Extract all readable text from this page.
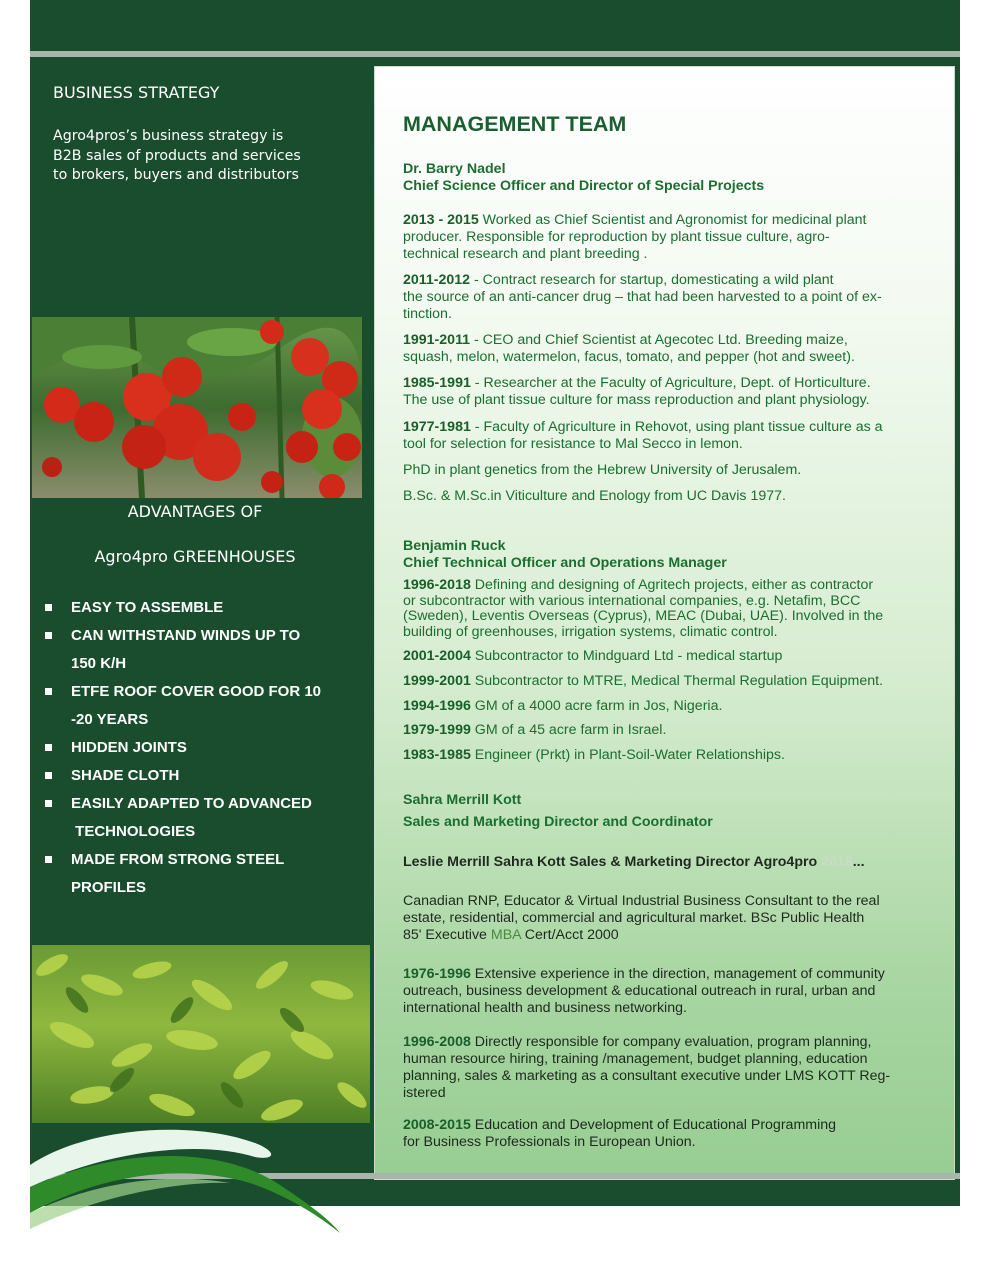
BUSINESS STRATEGY

Agro4pros’s business strategy is
B2B sales of products and services
to brokers, buyers and distributors

ADVANTAGES OF

Agro4pro GREENHOUSES

EASY TO ASSEMBLE
CAN WITHSTAND WINDS UP TO
150 K/H
ETFE ROOF COVER GOOD FOR 10
-20 YEARS
HIDDEN JOINTS
SHADE CLOTH
EASILY ADAPTED TO ADVANCED
TECHNOLOGIES
MADE FROM STRONG STEEL
PROFILES
MANAGEMENT TEAM

Dr. Barry Nadel
Chief Science Officer and Director of Special Projects

2013 - 2015 Worked as Chief Scientist and Agronomist for medicinal plant
producer. Responsible for reproduction by plant tissue culture, agro-
technical research and plant breeding .

2011-2012 - Contract research for startup, domesticating a wild plant
the source of an anti-cancer drug – that had been harvested to a point of ex-
tinction.

1991-2011 - CEO and Chief Scientist at Agecotec Ltd. Breeding maize,
squash, melon, watermelon, facus, tomato, and pepper (hot and sweet).

1985-1991 - Researcher at the Faculty of Agriculture, Dept. of Horticulture.
The use of plant tissue culture for mass reproduction and plant physiology.

1977-1981 - Faculty of Agriculture in Rehovot, using plant tissue culture as a
tool for selection for resistance to Mal Secco in lemon.

PhD in plant genetics from the Hebrew University of Jerusalem.

B.Sc. & M.Sc.in Viticulture and Enology from UC Davis 1977.

Benjamin Ruck
Chief Technical Officer and Operations Manager

1996-2018 Defining and designing of Agritech projects, either as contractor
or subcontractor with various international companies, e.g. Netafim, BCC
(Sweden), Leventis Overseas (Cyprus), MEAC (Dubai, UAE). Involved in the
building of greenhouses, irrigation systems, climatic control.

2001-2004 Subcontractor to Mindguard Ltd - medical startup

1999-2001 Subcontractor to MTRE, Medical Thermal Regulation Equipment.

1994-1996 GM of a 4000 acre farm in Jos, Nigeria.

1979-1999 GM of a 45 acre farm in Israel.

1983-1985 Engineer (Prkt) in Plant-Soil-Water Relationships.

Sahra Merrill Kott
Sales and Marketing Director and Coordinator

Leslie Merrill Sahra Kott Sales & Marketing Director Agro4pro 2018...

Canadian RNP, Educator & Virtual Industrial Business Consultant to the real
estate, residential, commercial and agricultural market. BSc Public Health
85' Executive MBA Cert/Acct 2000

1976-1996 Extensive experience in the direction, management of community
outreach, business development & educational outreach in rural, urban and
international health and business networking.

1996-2008 Directly responsible for company evaluation, program planning,
human resource hiring, training /management, budget planning, education
planning, sales & marketing as a consultant executive under LMS KOTT Reg-
istered

2008-2015 Education and Development of Educational Programming
for Business Professionals in European Union.
